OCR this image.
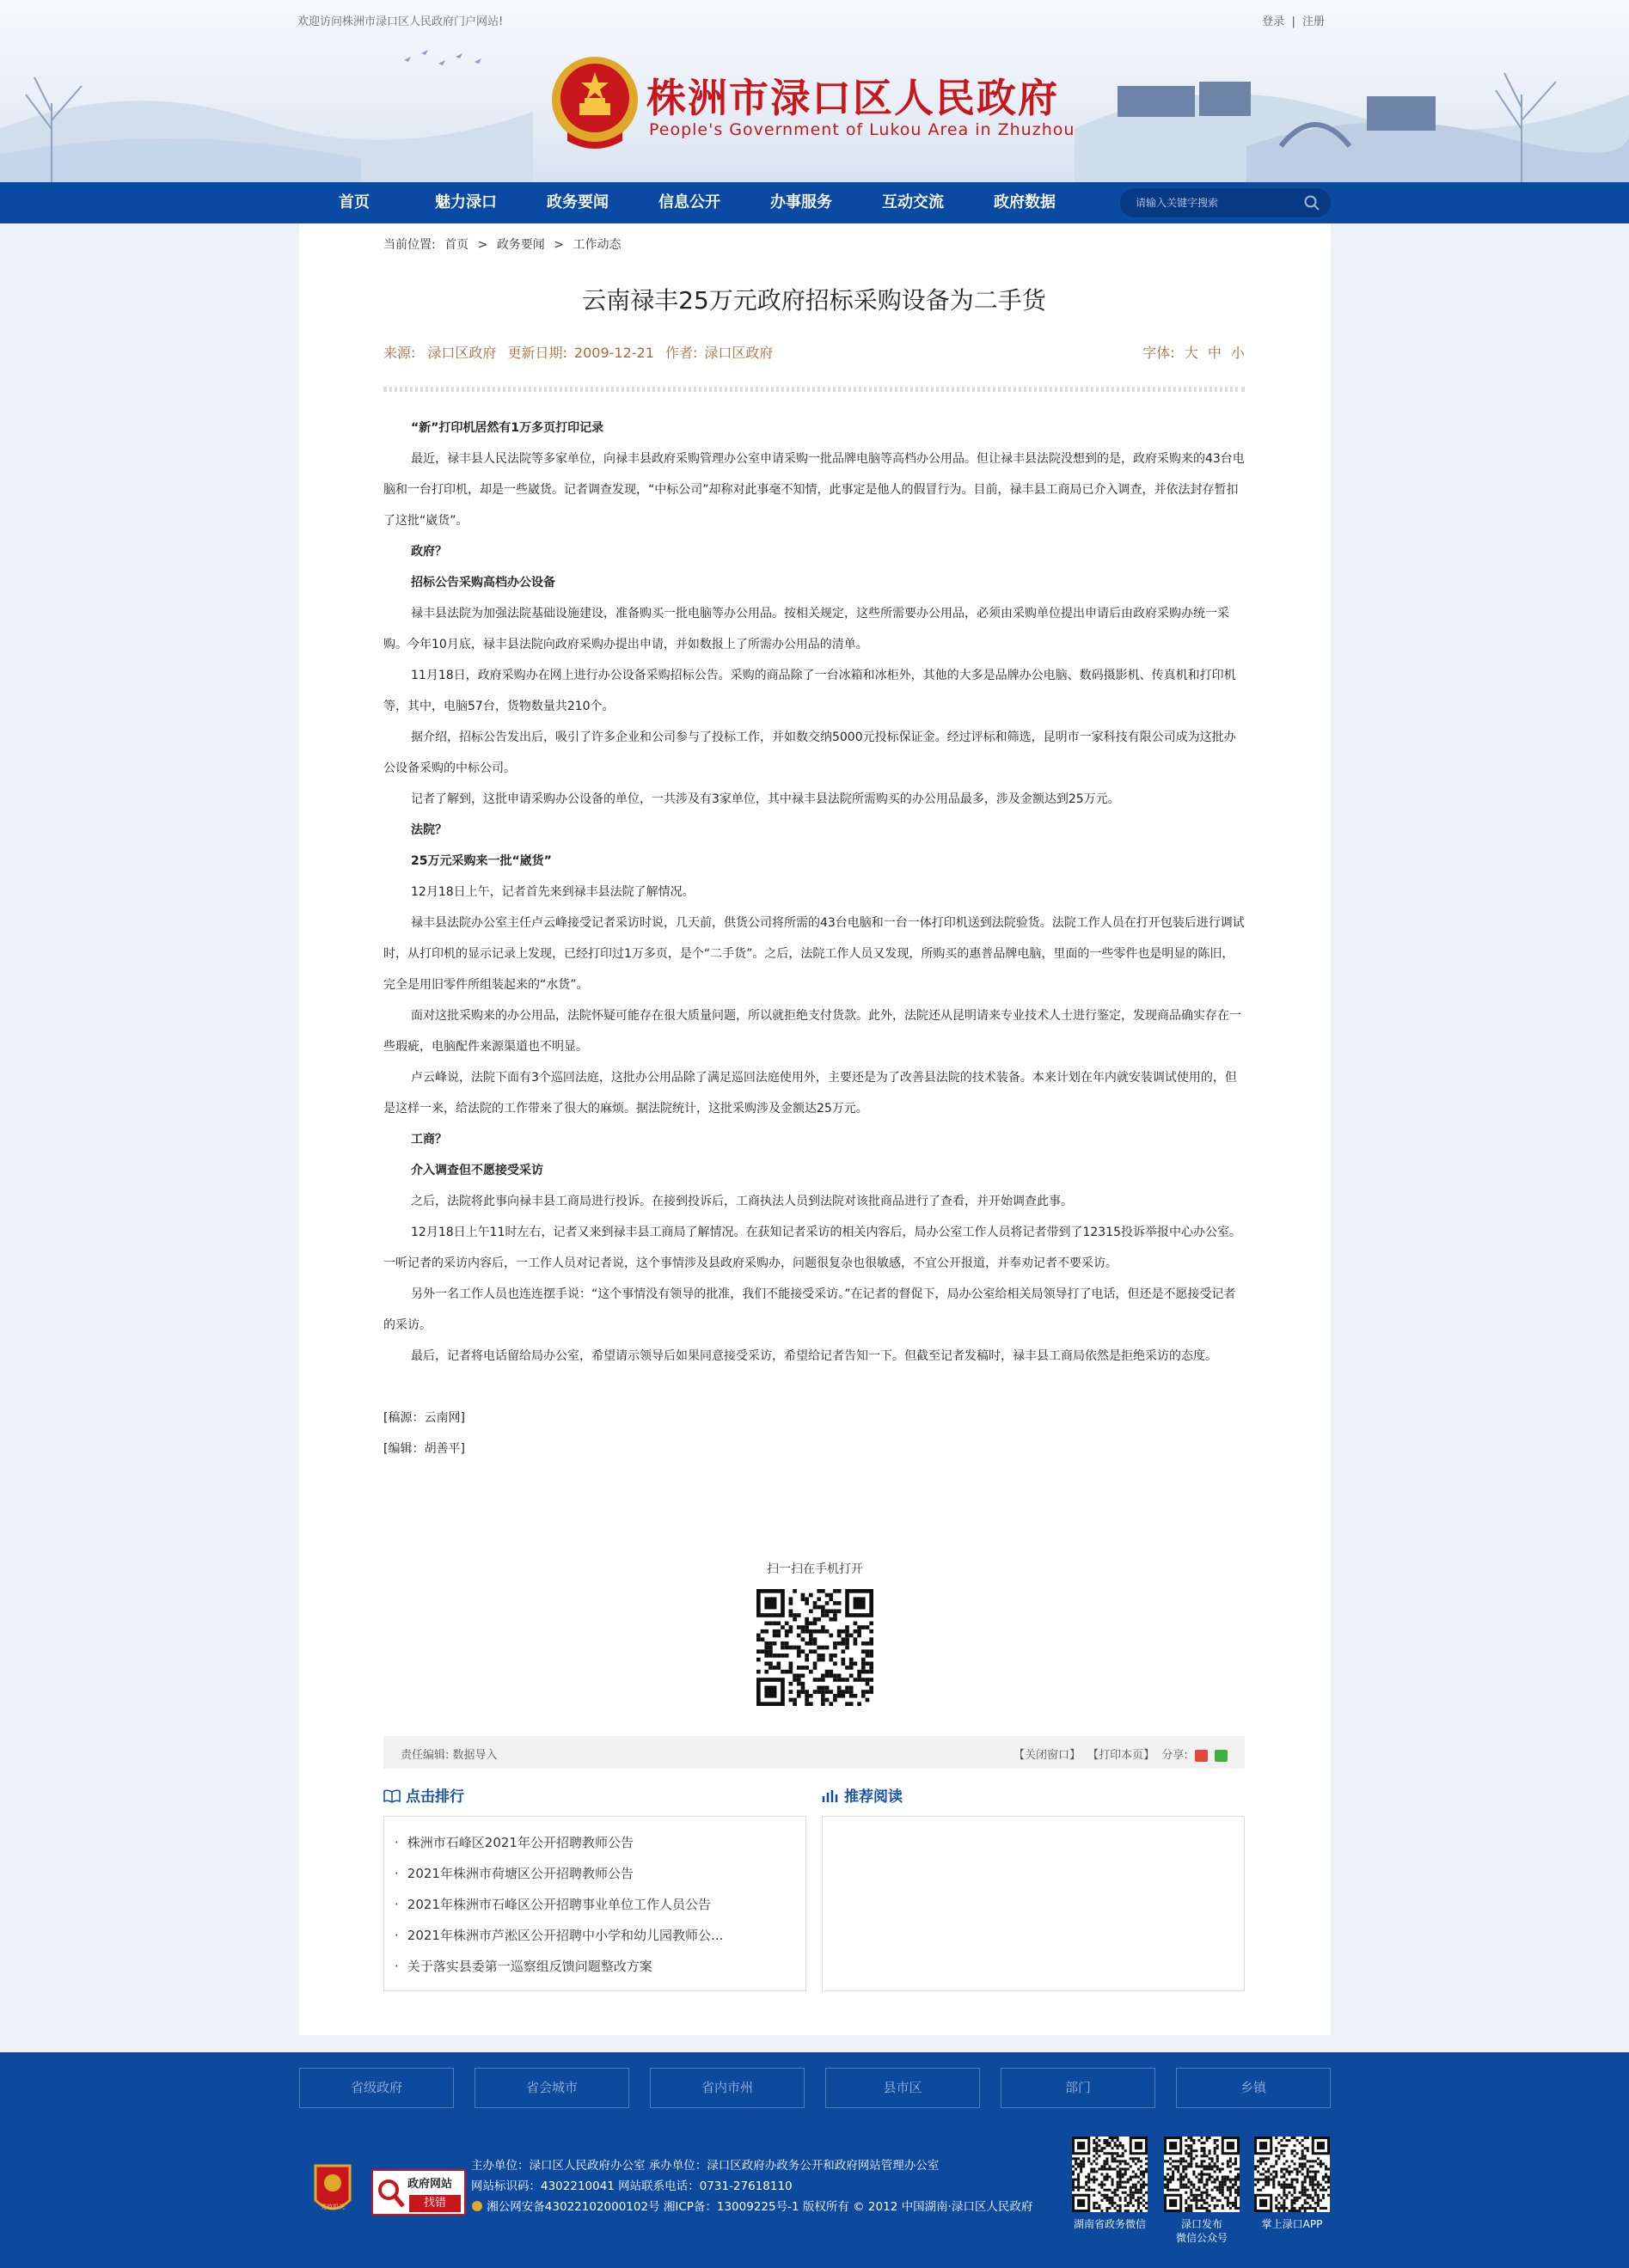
欢迎访问株洲市渌口区人民政府门户网站!	登录 | 注册
株洲市渌口区人民政府
People's Government of Lukou Area in Zhuzhou
首页	魅力渌口	政务要闻	信息公开	办事服务	互动交流	政府数据
请输入关键字搜索
当前位置: 首页 > 政务要闻 > 工作动态
云南禄丰25万元政府招标采购设备为二手货
来源: 渌口区政府 更新日期: 2009-12-21 作者: 渌口区政府	字体: 大 中 小

“新”打印机居然有1万多页打印记录

最近，禄丰县人民法院等多家单位，向禄丰县政府采购管理办公室申请采购一批品牌电脑等高档办公用品。但让禄丰县法院没想到的是，政府采购来的43台电脑和一台打印机，却是一些崴货。记者调查发现，“中标公司”却称对此事毫不知情，此事定是他人的假冒行为。目前，禄丰县工商局已介入调查，并依法封存暂扣了这批“崴货”。

政府？

招标公告采购高档办公设备

禄丰县法院为加强法院基础设施建设，准备购买一批电脑等办公用品。按相关规定，这些所需要办公用品，必须由采购单位提出申请后由政府采购办统一采购。今年10月底，禄丰县法院向政府采购办提出申请，并如数报上了所需办公用品的清单。

11月18日，政府采购办在网上进行办公设备采购招标公告。采购的商品除了一台冰箱和冰柜外，其他的大多是品牌办公电脑、数码摄影机、传真机和打印机等，其中，电脑57台，货物数量共210个。

据介绍，招标公告发出后，吸引了许多企业和公司参与了投标工作，并如数交纳5000元投标保证金。经过评标和筛选，昆明市一家科技有限公司成为这批办公设备采购的中标公司。

记者了解到，这批申请采购办公设备的单位，一共涉及有3家单位，其中禄丰县法院所需购买的办公用品最多，涉及金额达到25万元。

法院？

25万元采购来一批“崴货”

12月18日上午，记者首先来到禄丰县法院了解情况。

禄丰县法院办公室主任卢云峰接受记者采访时说，几天前，供货公司将所需的43台电脑和一台一体打印机送到法院验货。法院工作人员在打开包装后进行调试时，从打印机的显示记录上发现，已经打印过1万多页，是个“二手货”。之后，法院工作人员又发现，所购买的惠普品牌电脑，里面的一些零件也是明显的陈旧，完全是用旧零件所组装起来的“水货”。

面对这批采购来的办公用品，法院怀疑可能存在很大质量问题，所以就拒绝支付货款。此外，法院还从昆明请来专业技术人士进行鉴定，发现商品确实存在一些瑕疵，电脑配件来源渠道也不明显。

卢云峰说，法院下面有3个巡回法庭，这批办公用品除了满足巡回法庭使用外，主要还是为了改善县法院的技术装备。本来计划在年内就安装调试使用的，但是这样一来，给法院的工作带来了很大的麻烦。据法院统计，这批采购涉及金额达25万元。

工商？

介入调查但不愿接受采访

之后，法院将此事向禄丰县工商局进行投诉。在接到投诉后，工商执法人员到法院对该批商品进行了查看，并开始调查此事。

12月18日上午11时左右，记者又来到禄丰县工商局了解情况。在获知记者采访的相关内容后，局办公室工作人员将记者带到了12315投诉举报中心办公室。一听记者的采访内容后，一工作人员对记者说，这个事情涉及县政府采购办，问题很复杂也很敏感，不宜公开报道，并奉劝记者不要采访。

另外一名工作人员也连连摆手说：“这个事情没有领导的批准，我们不能接受采访。”在记者的督促下，局办公室给相关局领导打了电话，但还是不愿接受记者的采访。

最后，记者将电话留给局办公室，希望请示领导后如果同意接受采访，希望给记者告知一下。但截至记者发稿时，禄丰县工商局依然是拒绝采访的态度。

[稿源：云南网]

[编辑：胡善平]

扫一扫在手机打开
责任编辑: 数据导入	【关闭窗口】 【打印本页】 分享:
点击排行
· 株洲市石峰区2021年公开招聘教师公告
· 2021年株洲市荷塘区公开招聘教师公告
· 2021年株洲市石峰区公开招聘事业单位工作人员公告
· 2021年株洲市芦淞区公开招聘中小学和幼儿园教师公...
· 关于落实县委第一巡察组反馈问题整改方案
推荐阅读
省级政府	省会城市	省内市州	县市区	部门	乡镇
党政机关
政府网站
找错
主办单位：渌口区人民政府办公室 承办单位：渌口区政府办政务公开和政府网站管理办公室
网站标识码：4302210041 网站联系电话：0731-27618110
湘公网安备43022102000102号 湘ICP备：13009225号-1 版权所有 © 2012 中国湖南·渌口区人民政府
湖南省政务微信	渌口发布
微信公众号
掌上渌口APP
